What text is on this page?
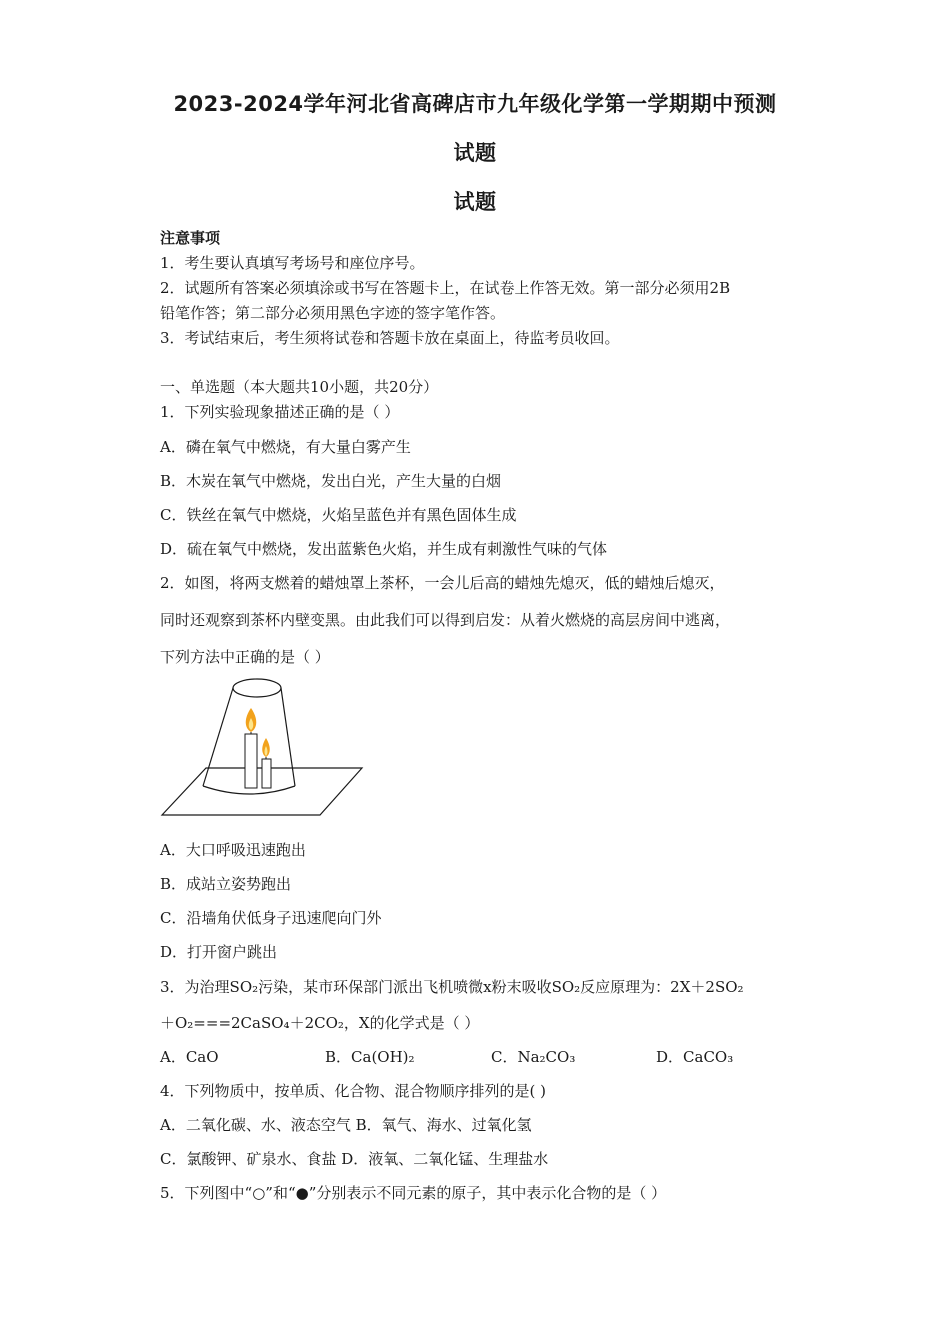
2023-2024学年河北省高碑店市九年级化学第一学期期中预测
试题
试题
注意事项
1．考生要认真填写考场号和座位序号。
2．试题所有答案必须填涂或书写在答题卡上，在试卷上作答无效。第一部分必须用2B
铅笔作答；第二部分必须用黑色字迹的签字笔作答。
3．考试结束后，考生须将试卷和答题卡放在桌面上，待监考员收回。
一、单选题（本大题共10小题，共20分）
1．下列实验现象描述正确的是（ ）
A．磷在氧气中燃烧，有大量白雾产生
B．木炭在氧气中燃烧，发出白光，产生大量的白烟
C．铁丝在氧气中燃烧，火焰呈蓝色并有黑色固体生成
D．硫在氧气中燃烧，发出蓝紫色火焰，并生成有刺激性气味的气体
2．如图，将两支燃着的蜡烛罩上茶杯，一会儿后高的蜡烛先熄灭，低的蜡烛后熄灭，
同时还观察到茶杯内壁变黑。由此我们可以得到启发：从着火燃烧的高层房间中逃离，
下列方法中正确的是（ ）
A．大口呼吸迅速跑出
B．成站立姿势跑出
C．沿墙角伏低身子迅速爬向门外
D．打开窗户跳出
3．为治理SO₂污染，某市环保部门派出飞机喷微x粉末吸收SO₂反应原理为：2X＋2SO₂
＋O₂===2CaSO₄＋2CO₂，X的化学式是（ ）
A．CaO	B．Ca(OH)₂	C．Na₂CO₃	D．CaCO₃
4．下列物质中，按单质、化合物、混合物顺序排列的是( )
A．二氧化碳、水、液态空气 B．氧气、海水、过氧化氢
C．氯酸钾、矿泉水、食盐 D．液氧、二氧化锰、生理盐水
5．下列图中“○”和“●”分别表示不同元素的原子，其中表示化合物的是（ ）
